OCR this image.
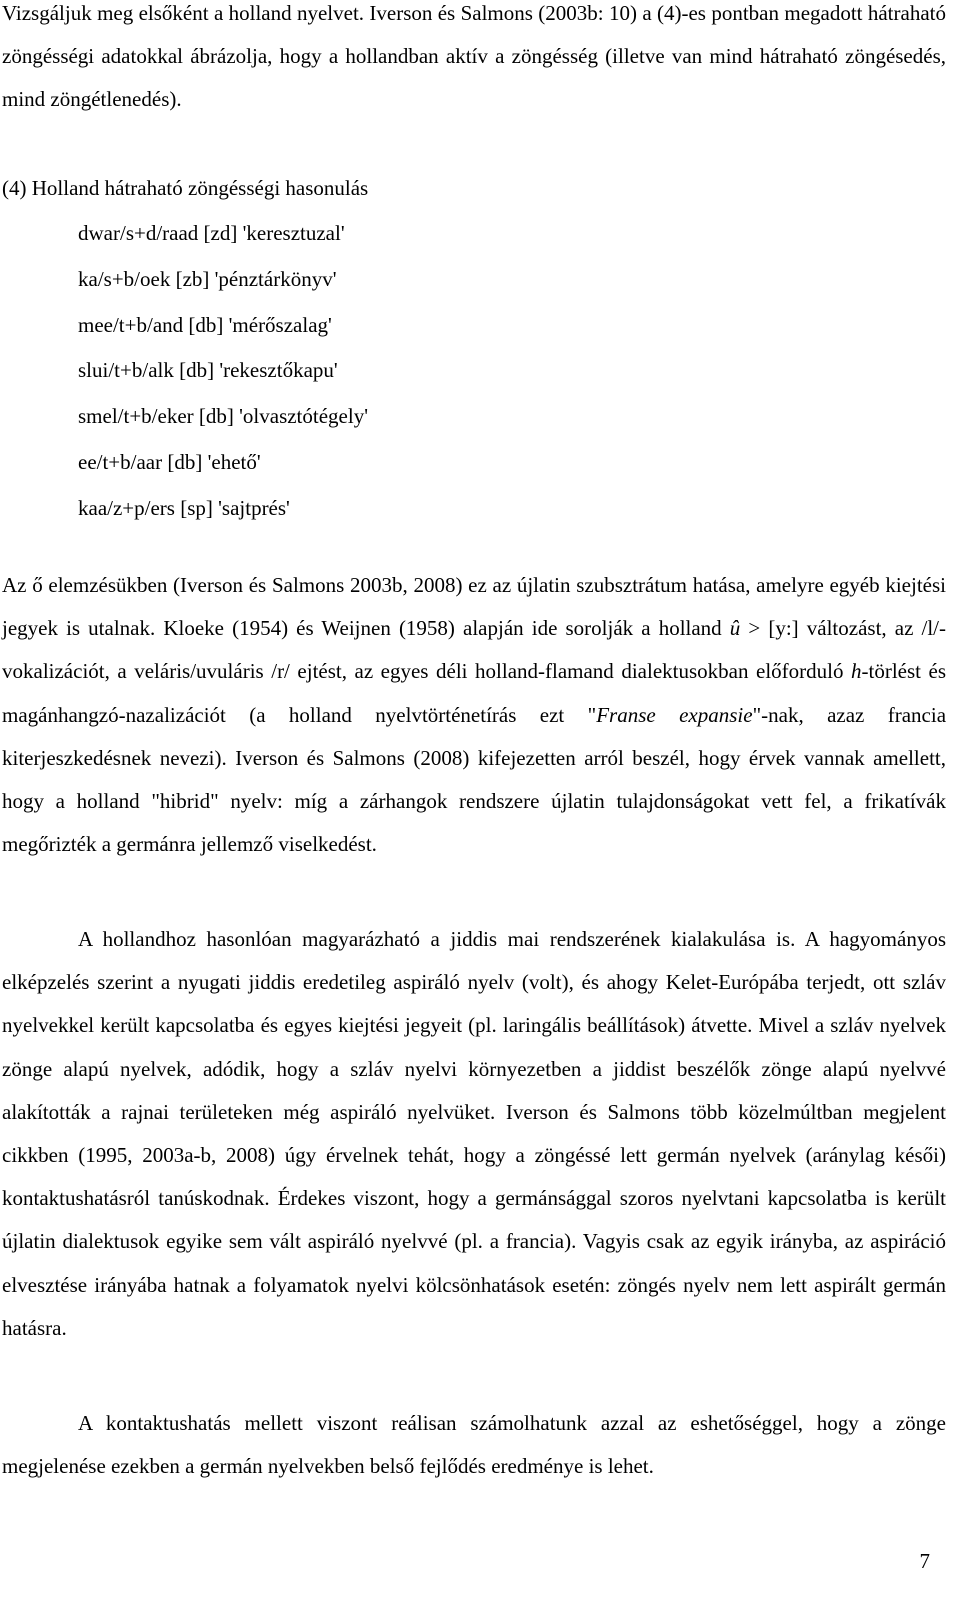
Vizsgáljuk meg elsőként a holland nyelvet. Iverson és Salmons (2003b: 10) a (4)-es pontban megadott hátraható zöngésségi adatokkal ábrázolja, hogy a hollandban aktív a zöngésség (illetve van mind hátraható zöngésedés, mind zöngétlenedés).

(4) Holland hátraható zöngésségi hasonulás

dwar/s+d/raad [zd] 'keresztuzal'
ka/s+b/oek [zb] 'pénztárkönyv'
mee/t+b/and [db] 'mérőszalag'
slui/t+b/alk [db] 'rekesztőkapu'
smel/t+b/eker [db] 'olvasztótégely'
ee/t+b/aar [db] 'ehető'
kaa/z+p/ers [sp] 'sajtprés'

Az ő elemzésükben (Iverson és Salmons 2003b, 2008) ez az újlatin szubsztrátum hatása, amelyre egyéb kiejtési jegyek is utalnak. Kloeke (1954) és Weijnen (1958) alapján ide sorolják a holland û > [y:] változást, az /l/-vokalizációt, a veláris/uvuláris /r/ ejtést, az egyes déli holland-flamand dialektusokban előforduló h-törlést és magánhangzó-nazalizációt (a holland nyelvtörténetírás ezt "Franse expansie"-nak, azaz francia kiterjeszkedésnek nevezi). Iverson és Salmons (2008) kifejezetten arról beszél, hogy érvek vannak amellett, hogy a holland "hibrid" nyelv: míg a zárhangok rendszere újlatin tulajdonságokat vett fel, a frikatívák megőrizték a germánra jellemző viselkedést.

A hollandhoz hasonlóan magyarázható a jiddis mai rendszerének kialakulása is. A hagyományos elképzelés szerint a nyugati jiddis eredetileg aspiráló nyelv (volt), és ahogy Kelet-Európába terjedt, ott szláv nyelvekkel került kapcsolatba és egyes kiejtési jegyeit (pl. laringális beállítások) átvette. Mivel a szláv nyelvek zönge alapú nyelvek, adódik, hogy a szláv nyelvi környezetben a jiddist beszélők zönge alapú nyelvvé alakították a rajnai területeken még aspiráló nyelvüket. Iverson és Salmons több közelmúltban megjelent cikkben (1995, 2003a-b, 2008) úgy érvelnek tehát, hogy a zöngéssé lett germán nyelvek (aránylag késői) kontaktushatásról tanúskodnak. Érdekes viszont, hogy a germánsággal szoros nyelvtani kapcsolatba is került újlatin dialektusok egyike sem vált aspiráló nyelvvé (pl. a francia). Vagyis csak az egyik irányba, az aspiráció elvesztése irányába hatnak a folyamatok nyelvi kölcsönhatások esetén: zöngés nyelv nem lett aspirált germán hatásra.

A kontaktushatás mellett viszont reálisan számolhatunk azzal az eshetőséggel, hogy a zönge megjelenése ezekben a germán nyelvekben belső fejlődés eredménye is lehet.

7
